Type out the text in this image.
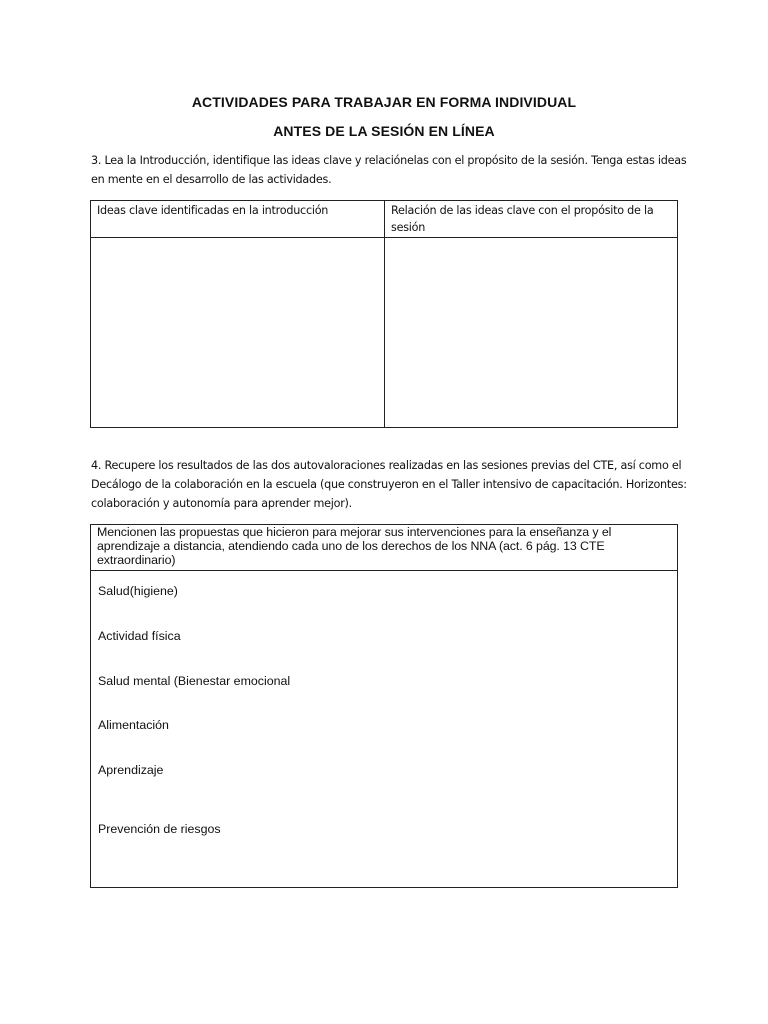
ACTIVIDADES PARA TRABAJAR EN FORMA INDIVIDUAL
ANTES DE LA SESIÓN EN LÍNEA
3. Lea la Introducción, identifique las ideas clave y relaciónelas con el propósito de la sesión. Tenga estas ideas en mente en el desarrollo de las actividades.
Ideas clave identificadas en la introducción	Relación de las ideas clave con el propósito de la sesión
4. Recupere los resultados de las dos autovaloraciones realizadas en las sesiones previas del CTE, así como el Decálogo de la colaboración en la escuela (que construyeron en el Taller intensivo de capacitación. Horizontes: colaboración y autonomía para aprender mejor).
Mencionen las propuestas que hicieron para mejorar sus intervenciones para la enseñanza y el aprendizaje a distancia, atendiendo cada uno de los derechos de los NNA (act. 6 pág. 13 CTE extraordinario)
Salud(higiene)
Actividad física
Salud mental (Bienestar emocional
Alimentación
Aprendizaje
Prevención de riesgos
